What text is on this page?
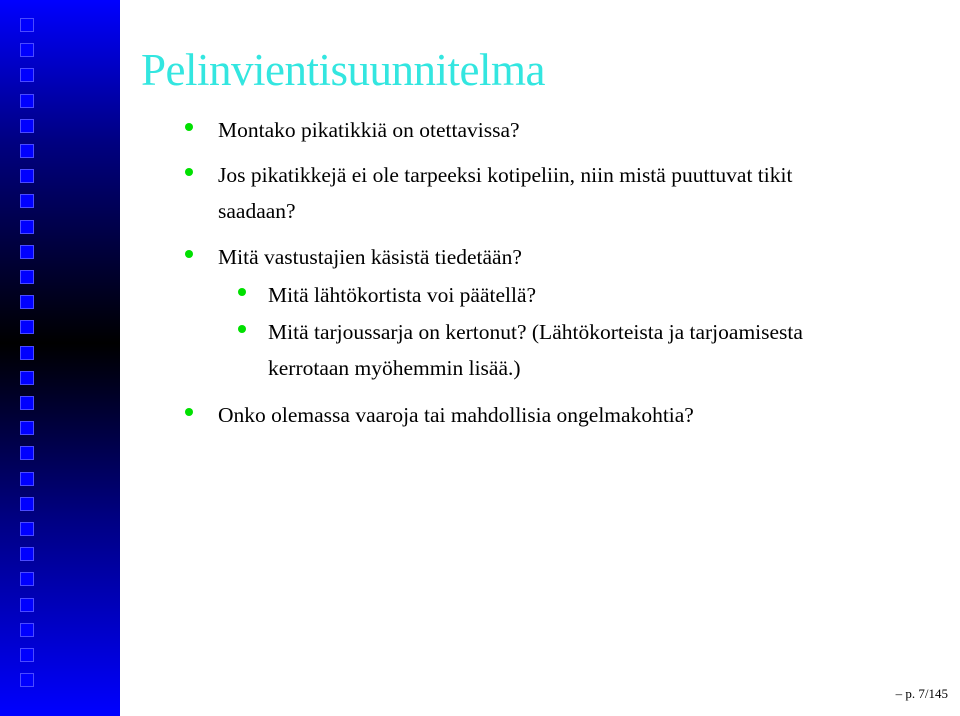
Pelinvientisuunnitelma
Montako pikatikkiä on otettavissa?
Jos pikatikkejä ei ole tarpeeksi kotipeliin, niin mistä puuttuvat tikit
saadaan?
Mitä vastustajien käsistä tiedetään?
Mitä lähtökortista voi päätellä?
Mitä tarjoussarja on kertonut? (Lähtökorteista ja tarjoamisesta
kerrotaan myöhemmin lisää.)
Onko olemassa vaaroja tai mahdollisia ongelmakohtia?
– p. 7/145
